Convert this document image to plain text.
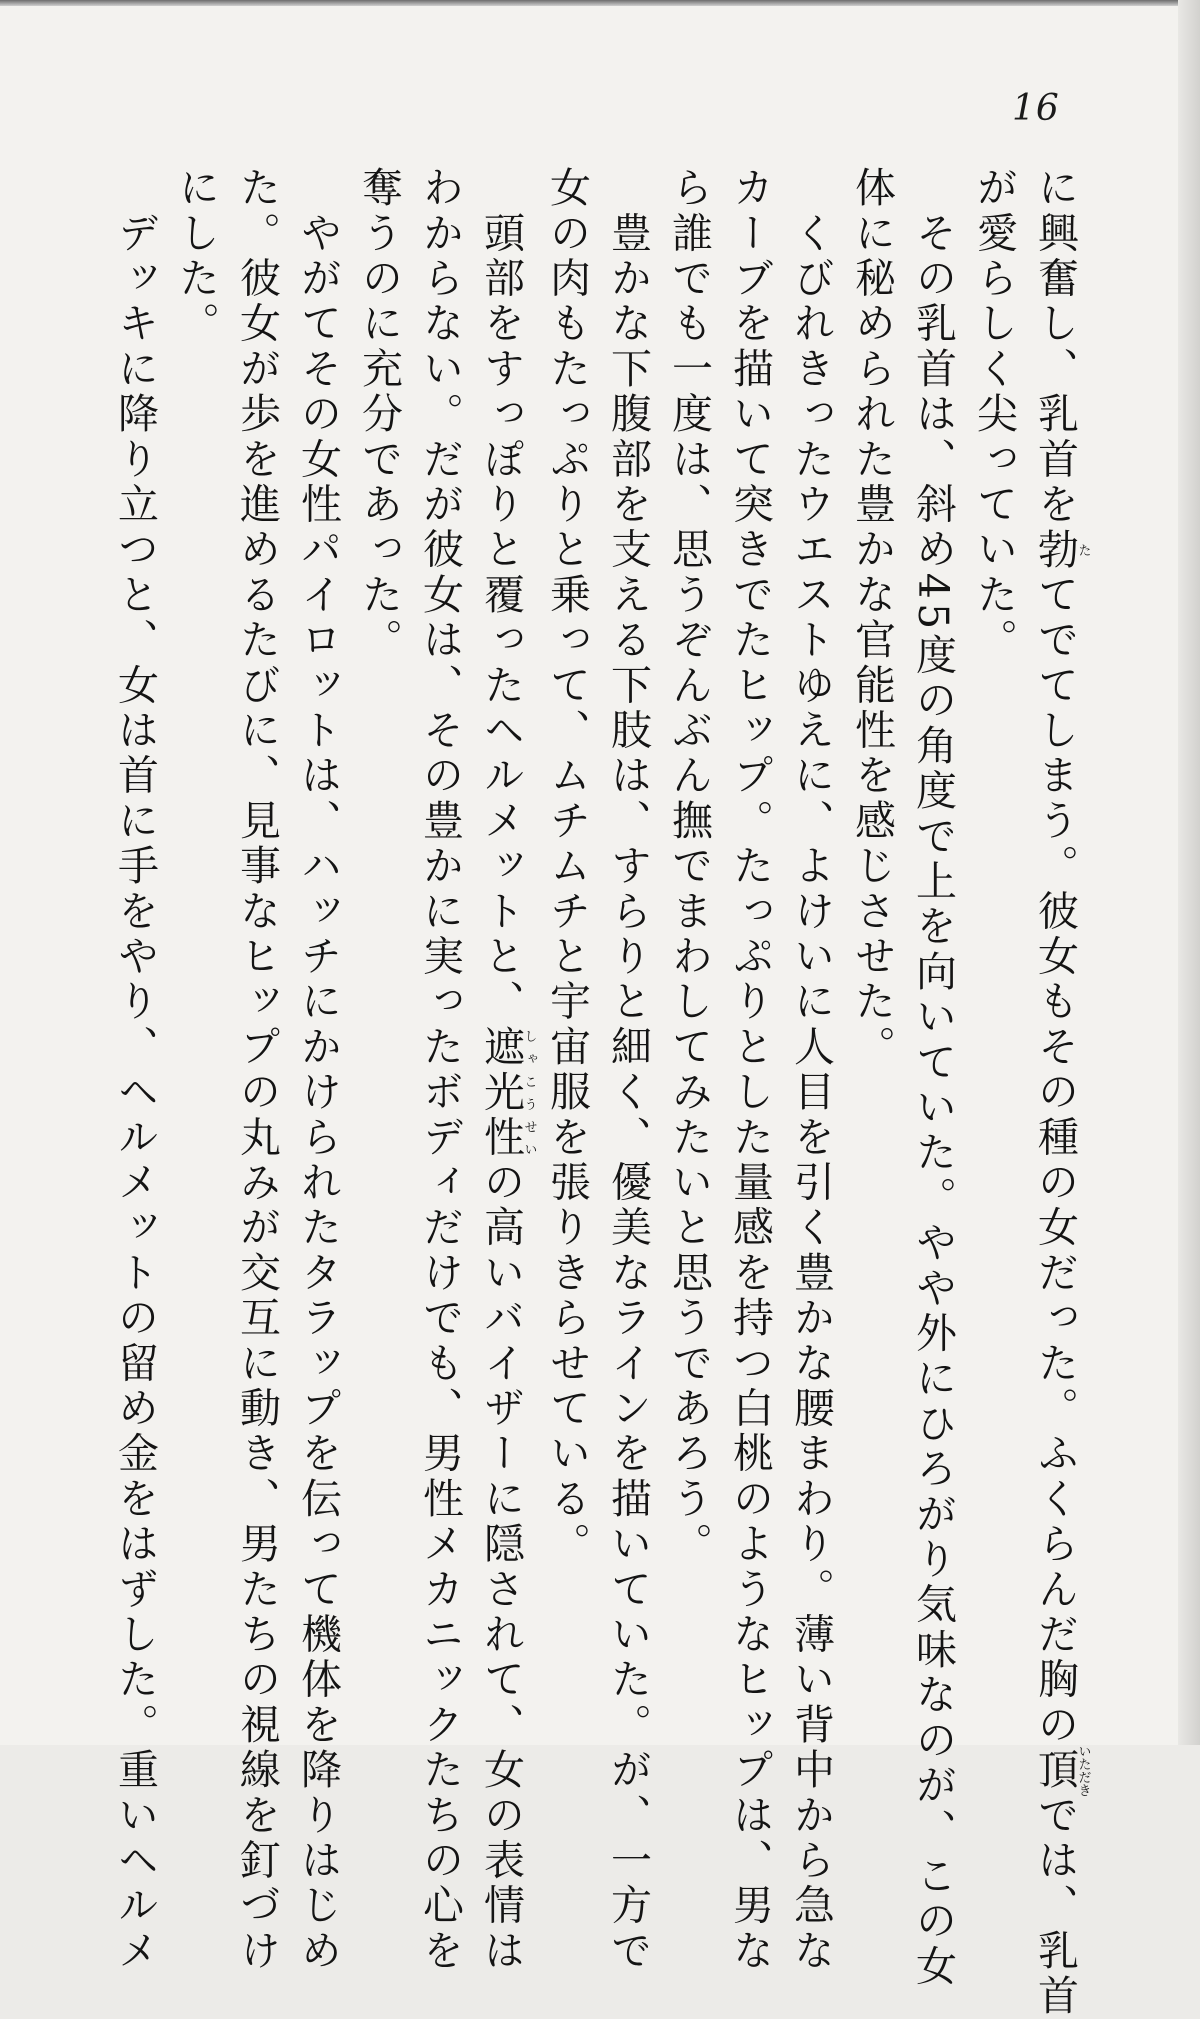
16
に興奮し、乳首を勃たてでてしまう。彼女もその種の女だった。ふくらんだ胸の頂いただきでは、乳首
が愛らしく尖っていた。
　その乳首は、斜め45度の角度で上を向いていた。やや外にひろがり気味なのが、この女
体に秘められた豊かな官能性を感じさせた。
　くびれきったウエストゆえに、よけいに人目を引く豊かな腰まわり。薄い背中から急な
カーブを描いて突きでたヒップ。たっぷりとした量感を持つ白桃のようなヒップは、男な
ら誰でも一度は、思うぞんぶん撫でまわしてみたいと思うであろう。
　豊かな下腹部を支える下肢は、すらりと細く、優美なラインを描いていた。が、一方で
女の肉もたっぷりと乗って、ムチムチと宇宙服を張りきらせている。
　頭部をすっぽりと覆ったヘルメットと、遮光性しゃこうせいの高いバイザーに隠されて、女の表情は
わからない。だが彼女は、その豊かに実ったボディだけでも、男性メカニックたちの心を
奪うのに充分であった。
　やがてその女性パイロットは、ハッチにかけられたタラップを伝って機体を降りはじめ
た。彼女が歩を進めるたびに、見事なヒップの丸みが交互に動き、男たちの視線を釘づけ
にした。
　デッキに降り立つと、女は首に手をやり、ヘルメットの留め金をはずした。重いヘルメ
